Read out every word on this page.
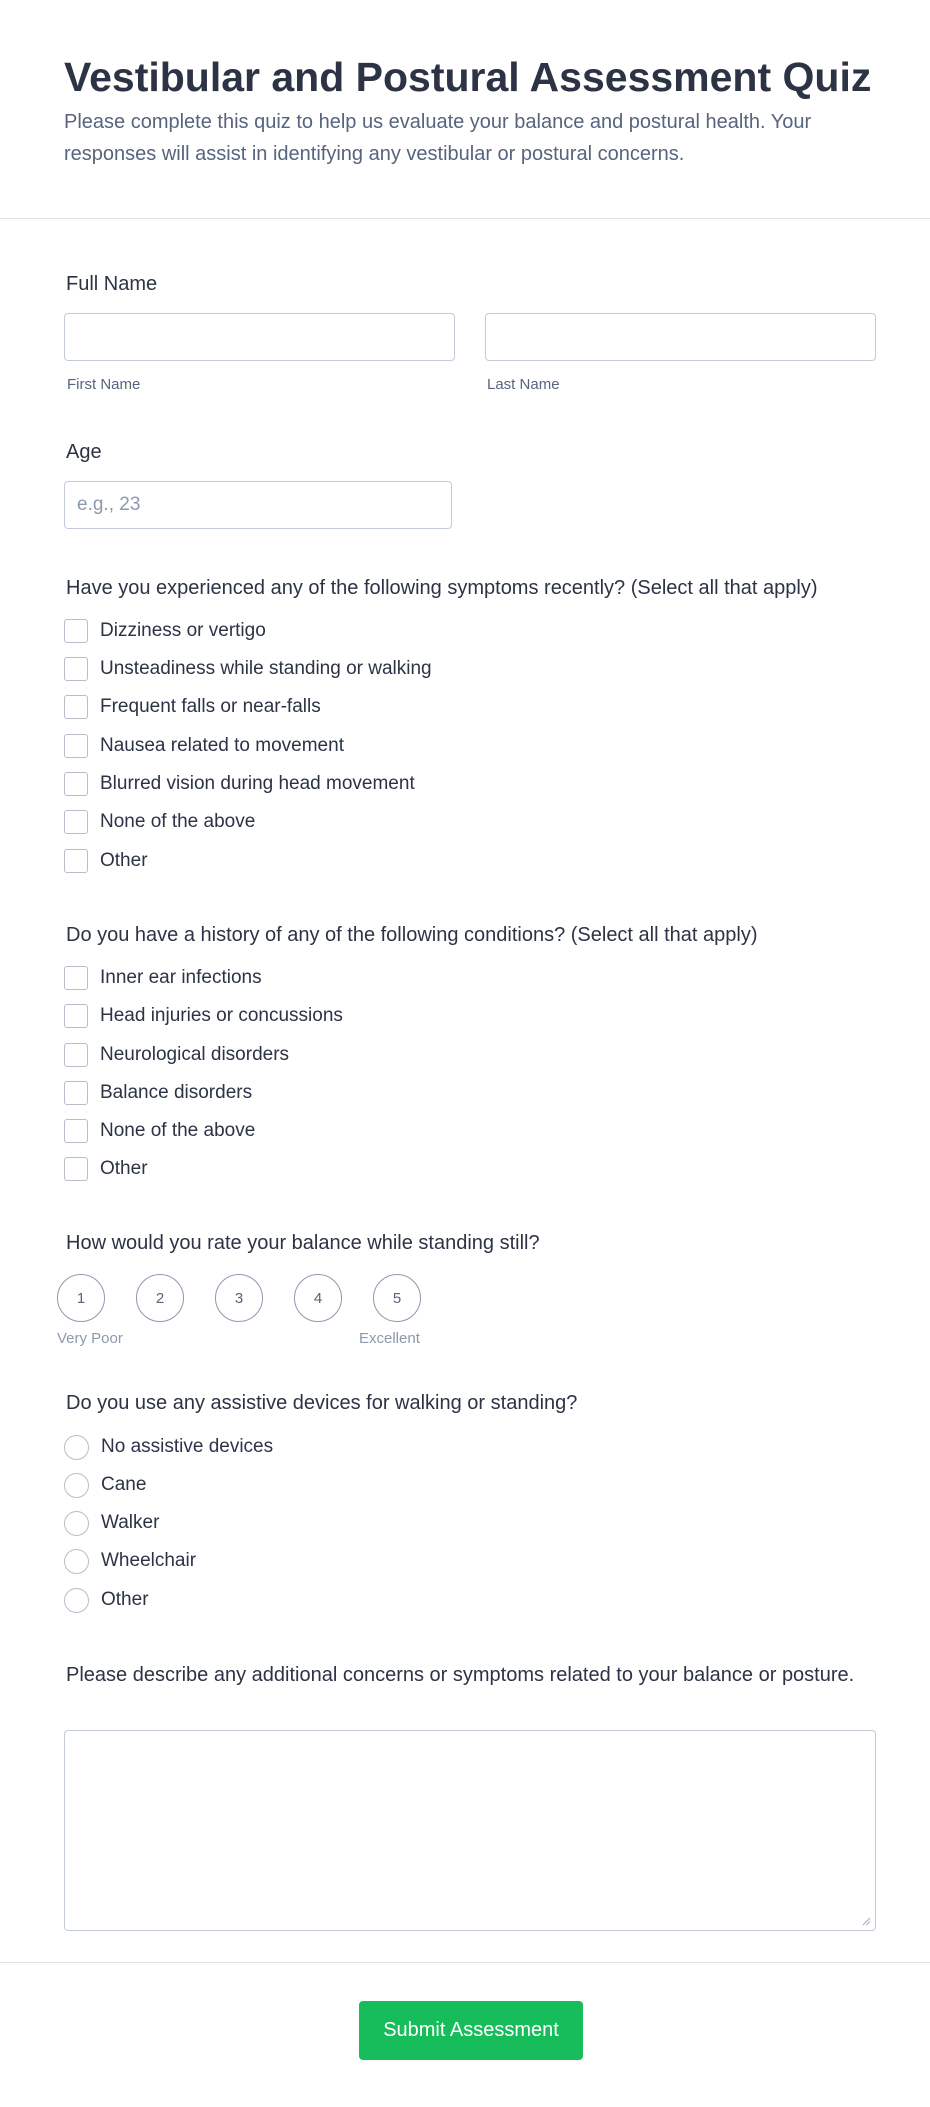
Vestibular and Postural Assessment Quiz

Please complete this quiz to help us evaluate your balance and postural health. Your responses will assist in identifying any vestibular or postural concerns.

Full Name
First Name	Last Name
Age
e.g., 23
Have you experienced any of the following symptoms recently? (Select all that apply)
Dizziness or vertigo
Unsteadiness while standing or walking
Frequent falls or near-falls
Nausea related to movement
Blurred vision during head movement
None of the above
Other
Do you have a history of any of the following conditions? (Select all that apply)
Inner ear infections
Head injuries or concussions
Neurological disorders
Balance disorders
None of the above
Other
How would you rate your balance while standing still?
1	2	3	4	5
Very Poor	Excellent
Do you use any assistive devices for walking or standing?
No assistive devices
Cane
Walker
Wheelchair
Other
Please describe any additional concerns or symptoms related to your balance or posture.
Submit Assessment
